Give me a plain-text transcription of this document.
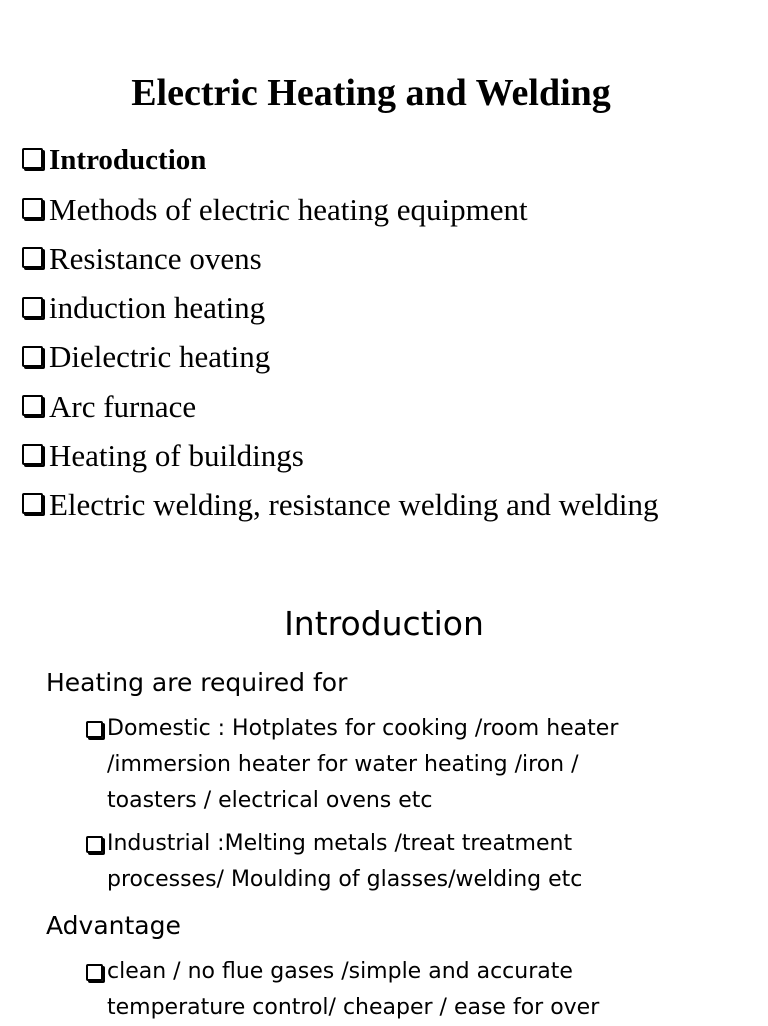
Electric Heating and Welding
Introduction
Methods of electric heating equipment
Resistance ovens
induction heating
Dielectric heating
Arc furnace
Heating of buildings
Electric welding, resistance welding and welding
Introduction
Heating are required for
Domestic : Hotplates for cooking /room heater
/immersion heater for water heating /iron /
toasters / electrical ovens etc
Industrial :Melting metals /treat treatment
processes/ Moulding of glasses/welding etc
Advantage
clean / no flue gases /simple and accurate
temperature control/ cheaper / ease for over
